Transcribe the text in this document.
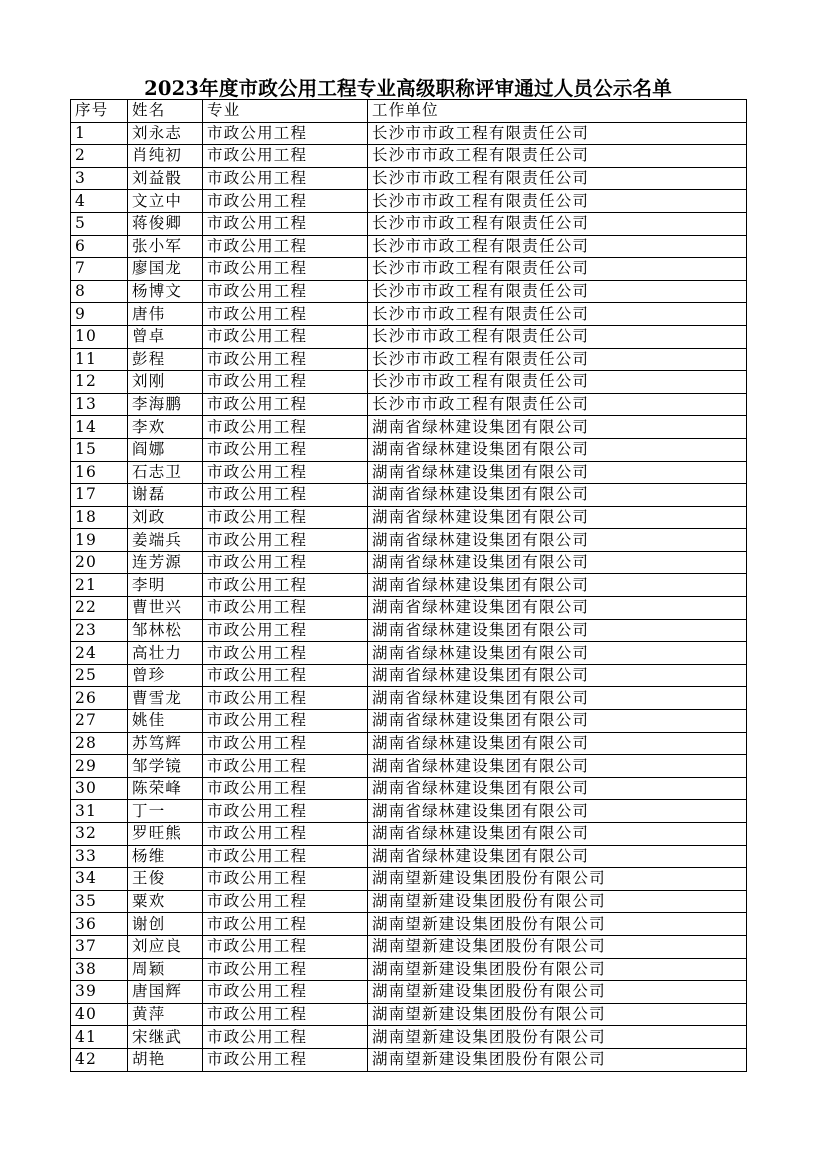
2023年度市政公用工程专业高级职称评审通过人员公示名单
序号	姓名	专业	工作单位
1	刘永志	市政公用工程	长沙市市政工程有限责任公司
2	肖纯初	市政公用工程	长沙市市政工程有限责任公司
3	刘益骰	市政公用工程	长沙市市政工程有限责任公司
4	文立中	市政公用工程	长沙市市政工程有限责任公司
5	蒋俊卿	市政公用工程	长沙市市政工程有限责任公司
6	张小军	市政公用工程	长沙市市政工程有限责任公司
7	廖国龙	市政公用工程	长沙市市政工程有限责任公司
8	杨博文	市政公用工程	长沙市市政工程有限责任公司
9	唐伟	市政公用工程	长沙市市政工程有限责任公司
10	曾卓	市政公用工程	长沙市市政工程有限责任公司
11	彭程	市政公用工程	长沙市市政工程有限责任公司
12	刘刚	市政公用工程	长沙市市政工程有限责任公司
13	李海鹏	市政公用工程	长沙市市政工程有限责任公司
14	李欢	市政公用工程	湖南省绿林建设集团有限公司
15	阎娜	市政公用工程	湖南省绿林建设集团有限公司
16	石志卫	市政公用工程	湖南省绿林建设集团有限公司
17	谢磊	市政公用工程	湖南省绿林建设集团有限公司
18	刘政	市政公用工程	湖南省绿林建设集团有限公司
19	姜端兵	市政公用工程	湖南省绿林建设集团有限公司
20	连芳源	市政公用工程	湖南省绿林建设集团有限公司
21	李明	市政公用工程	湖南省绿林建设集团有限公司
22	曹世兴	市政公用工程	湖南省绿林建设集团有限公司
23	邹林松	市政公用工程	湖南省绿林建设集团有限公司
24	高壮力	市政公用工程	湖南省绿林建设集团有限公司
25	曾珍	市政公用工程	湖南省绿林建设集团有限公司
26	曹雪龙	市政公用工程	湖南省绿林建设集团有限公司
27	姚佳	市政公用工程	湖南省绿林建设集团有限公司
28	苏笃辉	市政公用工程	湖南省绿林建设集团有限公司
29	邹学镜	市政公用工程	湖南省绿林建设集团有限公司
30	陈荣峰	市政公用工程	湖南省绿林建设集团有限公司
31	丁一	市政公用工程	湖南省绿林建设集团有限公司
32	罗旺熊	市政公用工程	湖南省绿林建设集团有限公司
33	杨维	市政公用工程	湖南省绿林建设集团有限公司
34	王俊	市政公用工程	湖南望新建设集团股份有限公司
35	粟欢	市政公用工程	湖南望新建设集团股份有限公司
36	谢创	市政公用工程	湖南望新建设集团股份有限公司
37	刘应良	市政公用工程	湖南望新建设集团股份有限公司
38	周颖	市政公用工程	湖南望新建设集团股份有限公司
39	唐国辉	市政公用工程	湖南望新建设集团股份有限公司
40	黄萍	市政公用工程	湖南望新建设集团股份有限公司
41	宋继武	市政公用工程	湖南望新建设集团股份有限公司
42	胡艳	市政公用工程	湖南望新建设集团股份有限公司
